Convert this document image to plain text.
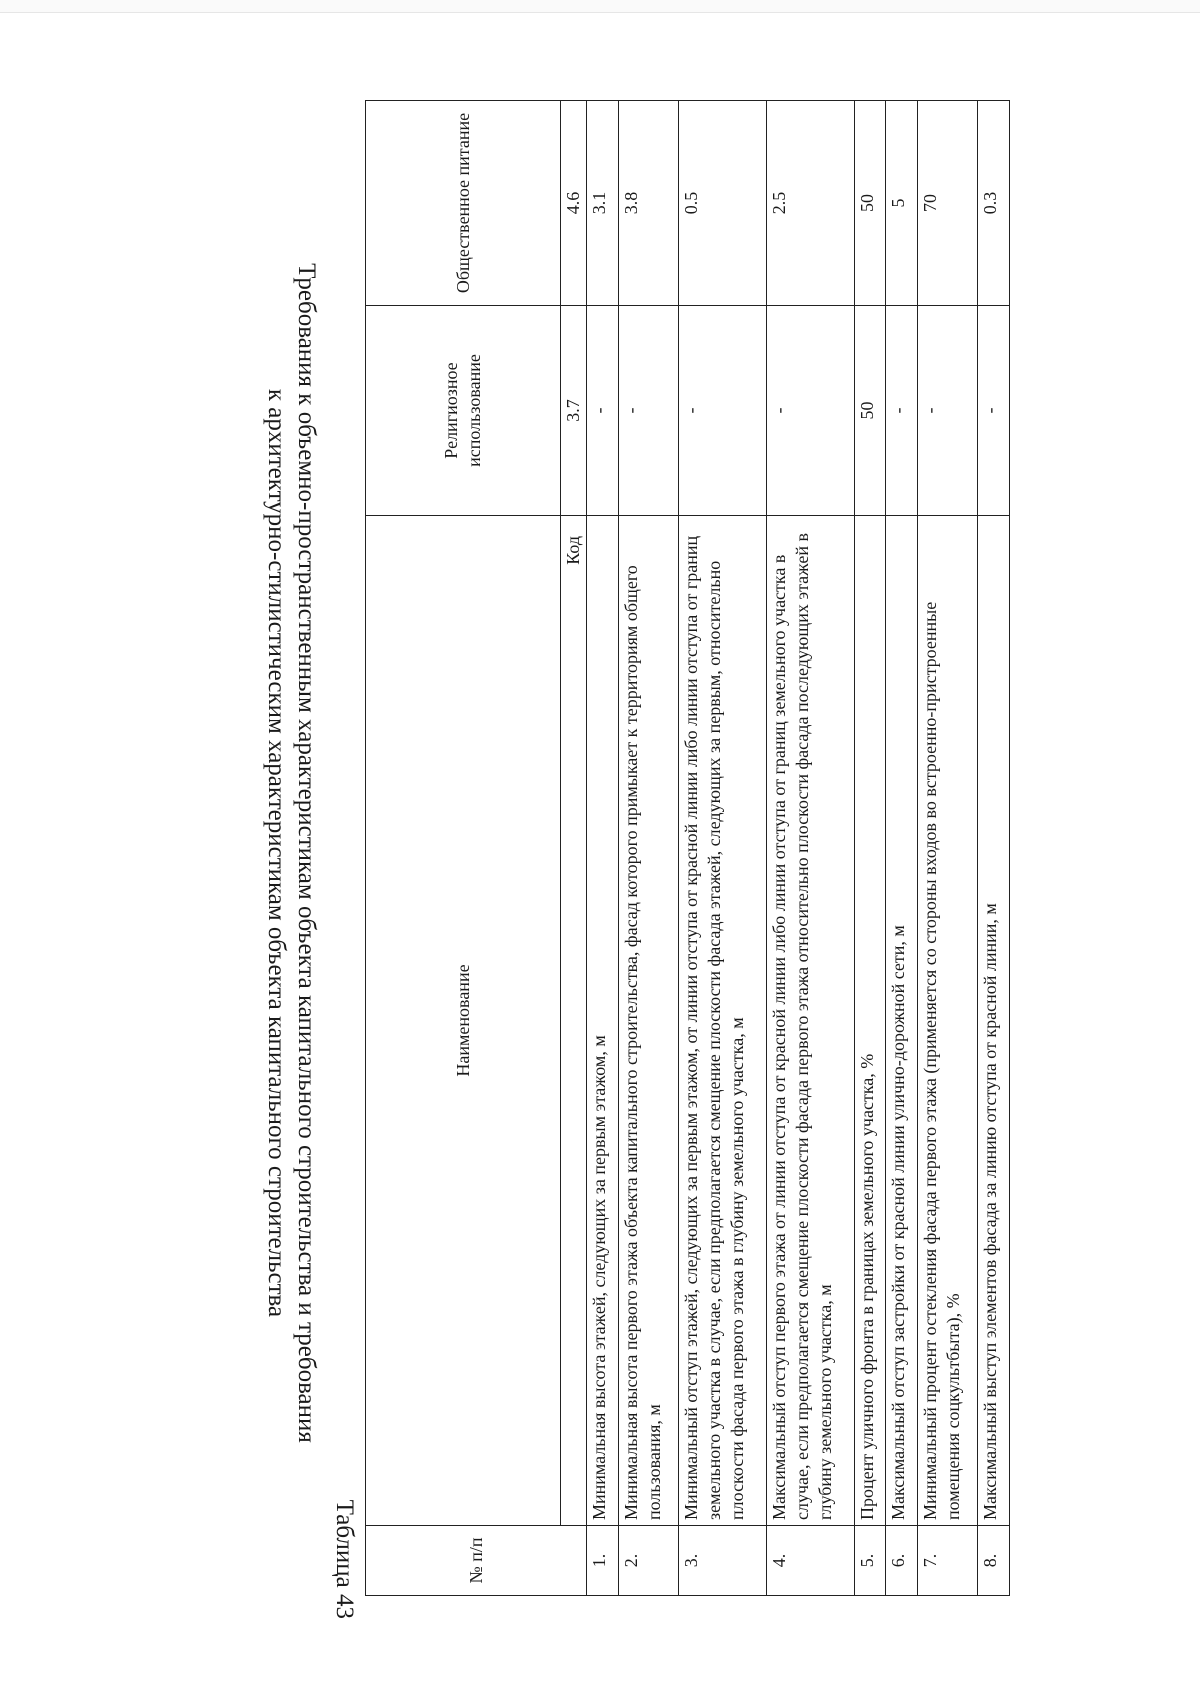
№ п/п	Наименование	Религиозное использование	Общественное питание
	Код	3.7	4.6
1.	Минимальная высота этажей, следующих за первым этажом, м	-	3.1
2.	Минимальная высота первого этажа объекта капитального строительства, фасад которого примыкает к территориям общего пользования, м	-	3.8
3.	Минимальный отступ этажей, следующих за первым этажом, от линии отступа от красной линии либо линии отступа от границ земельного участка в случае, если предполагается смещение плоскости фасада этажей, следующих за первым, относительно плоскости фасада первого этажа в глубину земельного участка, м	-	0.5
4.	Максимальный отступ первого этажа от линии отступа от красной линии либо линии отступа от границ земельного участка в случае, если предполагается смещение плоскости фасада первого этажа относительно плоскости фасада последующих этажей в глубину земельного участка, м	-	2.5
5.	Процент уличного фронта в границах земельного участка, %	50	50
6.	Максимальный отступ застройки от красной линии улично-дорожной сети, м	-	5
7.	Минимальный процент остекления фасада первого этажа (применяется со стороны входов во встроенно-пристроенные помещения соцкультбыта), %	-	70
8.	Максимальный выступ элементов фасада за линию отступа от красной линии, м	-	0.3
Таблица 43
Требования к объемно-пространственным характеристикам объекта капитального строительства и требования
к архитектурно-стилистическим характеристикам объекта капитального строительства
